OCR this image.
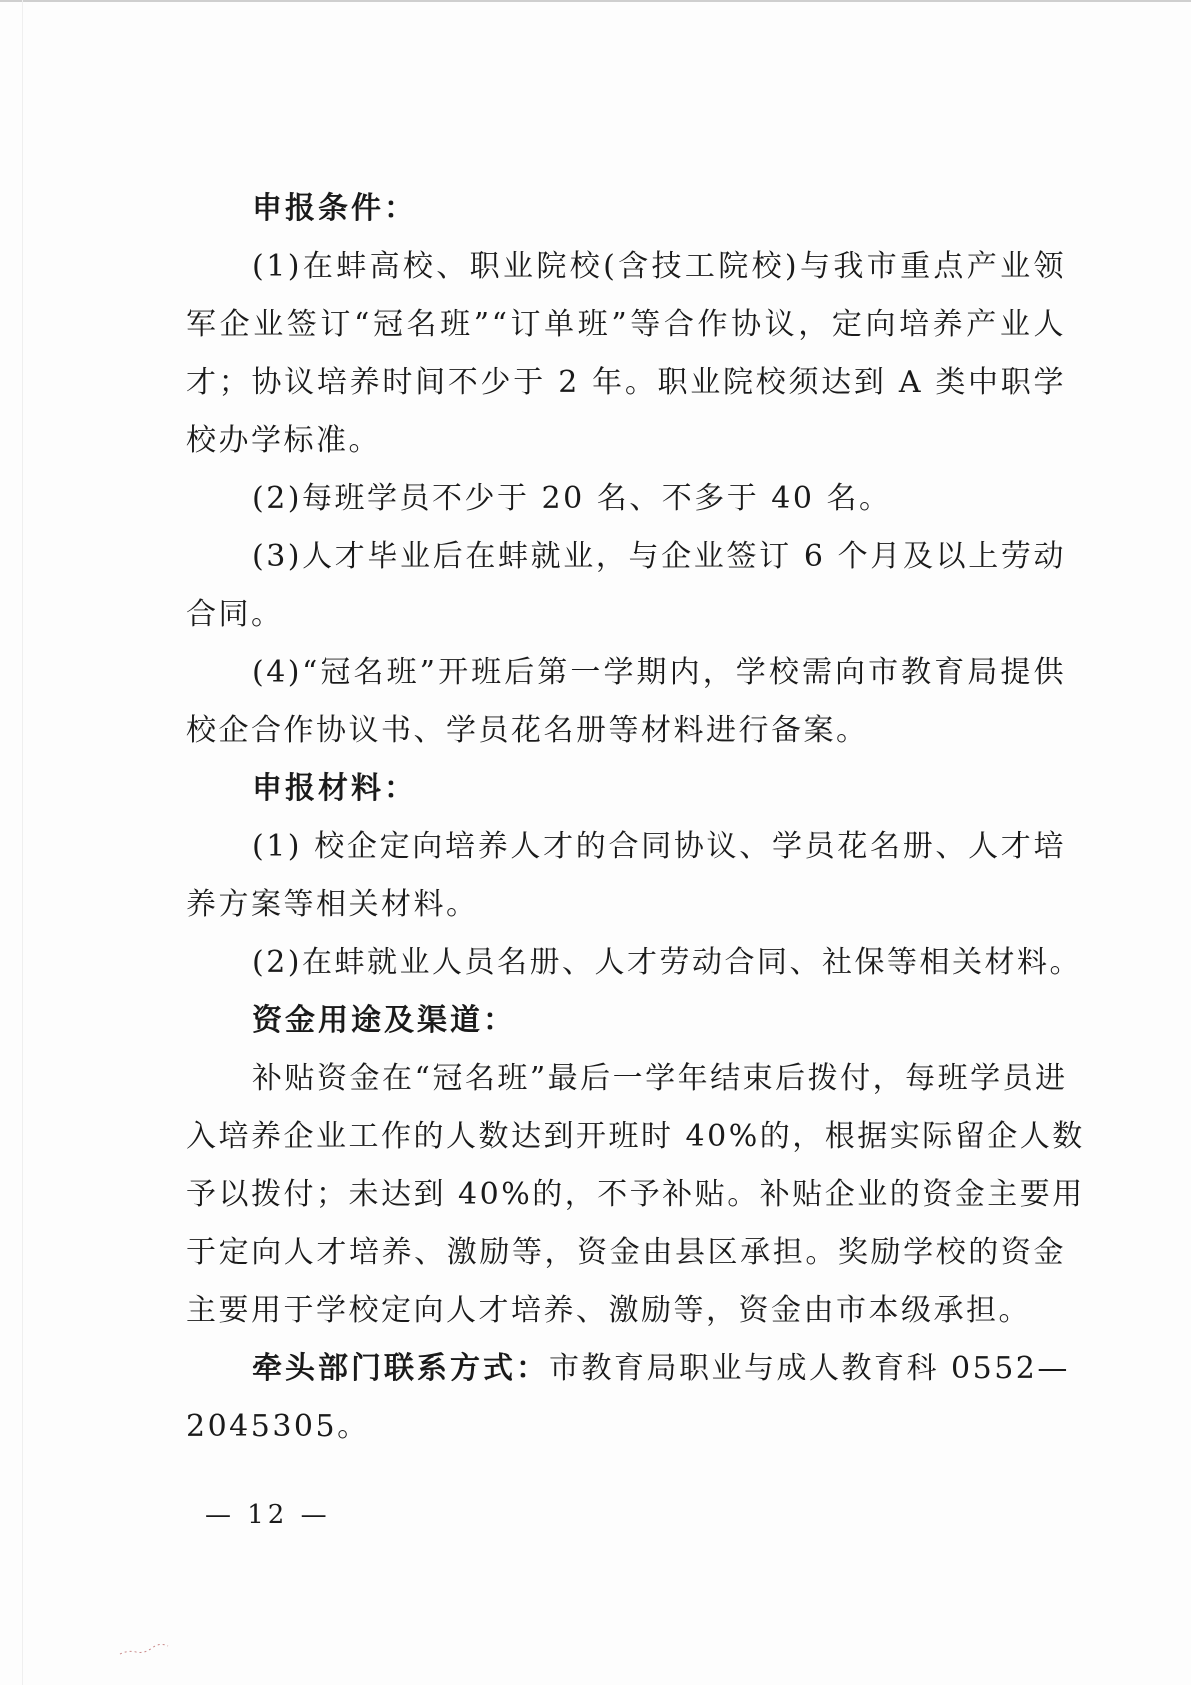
申报条件：
(1)在蚌高校、职业院校(含技工院校)与我市重点产业领
军企业签订“冠名班”“订单班”等合作协议，定向培养产业人
才；协议培养时间不少于 2 年。职业院校须达到 A 类中职学
校办学标准。
(2)每班学员不少于 20 名、不多于 40 名。
(3)人才毕业后在蚌就业，与企业签订 6 个月及以上劳动
合同。
(4)“冠名班”开班后第一学期内，学校需向市教育局提供
校企合作协议书、学员花名册等材料进行备案。
申报材料：
(1) 校企定向培养人才的合同协议、学员花名册、人才培
养方案等相关材料。
(2)在蚌就业人员名册、人才劳动合同、社保等相关材料。
资金用途及渠道：
补贴资金在“冠名班”最后一学年结束后拨付，每班学员进
入培养企业工作的人数达到开班时 40%的，根据实际留企人数
予以拨付；未达到 40%的，不予补贴。补贴企业的资金主要用
于定向人才培养、激励等，资金由县区承担。奖励学校的资金
主要用于学校定向人才培养、激励等，资金由市本级承担。
牵头部门联系方式：市教育局职业与成人教育科 0552—
2045305。
— 12 —
